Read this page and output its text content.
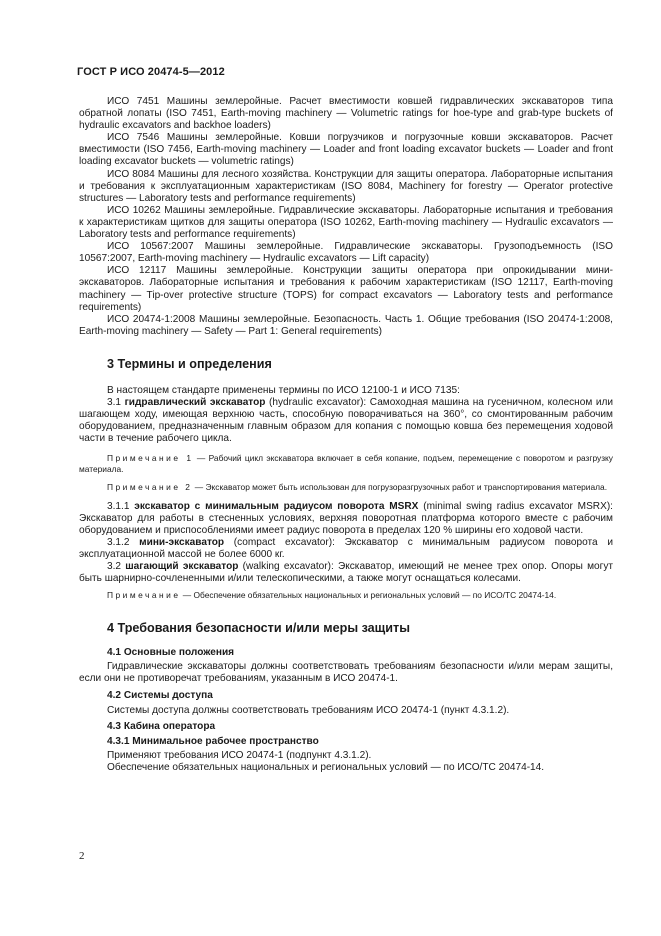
ГОСТ Р ИСО 20474-5—2012

ИСО 7451 Машины землеройные. Расчет вместимости ковшей гидравлических экскаваторов типа обратной лопаты (ISO 7451, Earth-moving machinery — Volumetric ratings for hoe-type and grab-type buckets of hydraulic excavators and backhoe loaders)

ИСО 7546 Машины землеройные. Ковши погрузчиков и погрузочные ковши экскаваторов. Расчет вместимости (ISO 7456, Earth-moving machinery — Loader and front loading excavator buckets — Loader and front loading excavator buckets — volumetric ratings)

ИСО 8084 Машины для лесного хозяйства. Конструкции для защиты оператора. Лабораторные испытания и требования к эксплуатационным характеристикам (ISO 8084, Machinery for forestry — Operator protective structures — Laboratory tests and performance requirements)

ИСО 10262 Машины землеройные. Гидравлические экскаваторы. Лабораторные испытания и требования к характеристикам щитков для защиты оператора (ISO 10262, Earth-moving machinery — Hydraulic excavators — Laboratory tests and performance requirements)

ИСО 10567:2007 Машины землеройные. Гидравлические экскаваторы. Грузоподъемность (ISO 10567:2007, Earth-moving machinery — Hydraulic excavators — Lift capacity)

ИСО 12117 Машины землеройные. Конструкции защиты оператора при опрокидывании мини-экскаваторов. Лабораторные испытания и требования к рабочим характеристикам (ISO 12117, Earth-moving machinery — Tip-over protective structure (TOPS) for compact excavators — Laboratory tests and performance requirements)

ИСО 20474-1:2008 Машины землеройные. Безопасность. Часть 1. Общие требования (ISO 20474-1:2008, Earth-moving machinery — Safety — Part 1: General requirements)

3 Термины и определения

В настоящем стандарте применены термины по ИСО 12100-1 и ИСО 7135:

3.1 гидравлический экскаватор (hydraulic excavator): Самоходная машина на гусеничном, колесном или шагающем ходу, имеющая верхнюю часть, способную поворачиваться на 360°, со смонтированным рабочим оборудованием, предназначенным главным образом для копания с помощью ковша без перемещения ходовой части в течение рабочего цикла.

Примечание 1 — Рабочий цикл экскаватора включает в себя копание, подъем, перемещение с поворотом и разгрузку материала.

Примечание 2 — Экскаватор может быть использован для погрузоразгрузочных работ и транспортирования материала.

3.1.1 экскаватор с минимальным радиусом поворота MSRX (minimal swing radius excavator MSRX): Экскаватор для работы в стесненных условиях, верхняя поворотная платформа которого вместе с рабочим оборудованием и приспособлениями имеет радиус поворота в пределах 120 % ширины его ходовой части.

3.1.2 мини-экскаватор (compact excavator): Экскаватор с минимальным радиусом поворота и эксплуатационной массой не более 6000 кг.

3.2 шагающий экскаватор (walking excavator): Экскаватор, имеющий не менее трех опор. Опоры могут быть шарнирно-сочлененными и/или телескопическими, а также могут оснащаться колесами.

Примечание — Обеспечение обязательных национальных и региональных условий — по ИСО/ТС 20474-14.

4 Требования безопасности и/или меры защиты
4.1 Основные положения

Гидравлические экскаваторы должны соответствовать требованиям безопасности и/или мерам защиты, если они не противоречат требованиям, указанным в ИСО 20474-1.

4.2 Системы доступа

Системы доступа должны соответствовать требованиям ИСО 20474-1 (пункт 4.3.1.2).

4.3 Кабина оператора
4.3.1 Минимальное рабочее пространство

Применяют требования ИСО 20474-1 (подпункт 4.3.1.2).

Обеспечение обязательных национальных и региональных условий — по ИСО/ТС 20474-14.

2
